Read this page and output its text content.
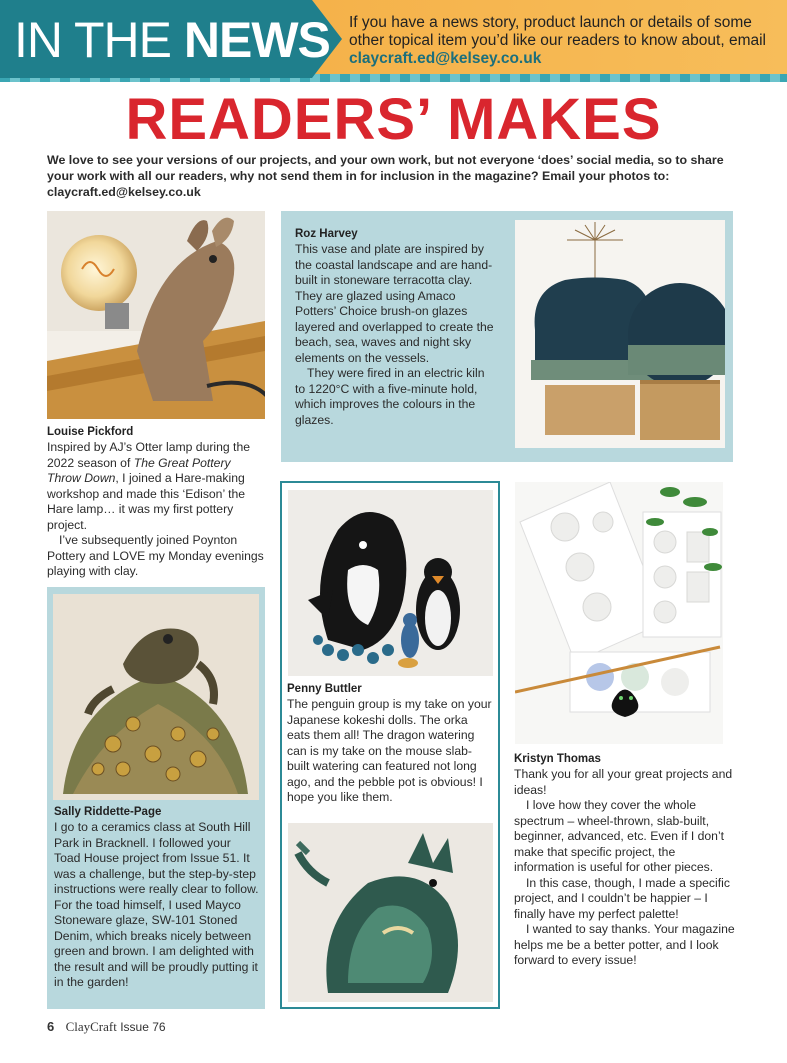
IN THE NEWS If you have a news story, product launch or details of some other topical item you’d like our readers to know about, email claycraft.ed@kelsey.co.uk
READERS’ MAKES
We love to see your versions of our projects, and your own work, but not everyone ‘does’ social media, so to share your work with all our readers, why not send them in for inclusion in the magazine? Email your photos to: claycraft.ed@kelsey.co.uk
Louise Pickford

Inspired by AJ’s Otter lamp during the 2022 season of The Great Pottery Throw Down, I joined a Hare-making workshop and made this ‘Edison’ the Hare lamp… it was my first pottery project.

I’ve subsequently joined Poynton Pottery and LOVE my Monday evenings playing with clay.

Roz Harvey

This vase and plate are inspired by the coastal landscape and are hand-built in stoneware terracotta clay. They are glazed using Amaco Potters’ Choice brush-on glazes layered and overlapped to create the beach, sea, waves and night sky elements on the vessels.

They were fired in an electric kiln to 1220°C with a five-minute hold, which improves the colours in the glazes.

Sally Riddette-Page

I go to a ceramics class at South Hill Park in Bracknell. I followed your Toad House project from Issue 51. It was a challenge, but the step-by-step instructions were really clear to follow. For the toad himself, I used Mayco Stoneware glaze, SW-101 Stoned Denim, which breaks nicely between green and brown. I am delighted with the result and will be proudly putting it in the garden!

Penny Buttler

The penguin group is my take on your Japanese kokeshi dolls. The orka eats them all! The dragon watering can is my take on the mouse slab-built watering can featured not long ago, and the pebble pot is obvious! I hope you like them.

Kristyn Thomas

Thank you for all your great projects and ideas!

I love how they cover the whole spectrum – wheel-thrown, slab-built, beginner, advanced, etc. Even if I don’t make that specific project, the information is useful for other pieces.

In this case, though, I made a specific project, and I couldn’t be happier – I finally have my perfect palette!

I wanted to say thanks. Your magazine helps me be a better potter, and I look forward to every issue!

6 ClayCraft Issue 76
